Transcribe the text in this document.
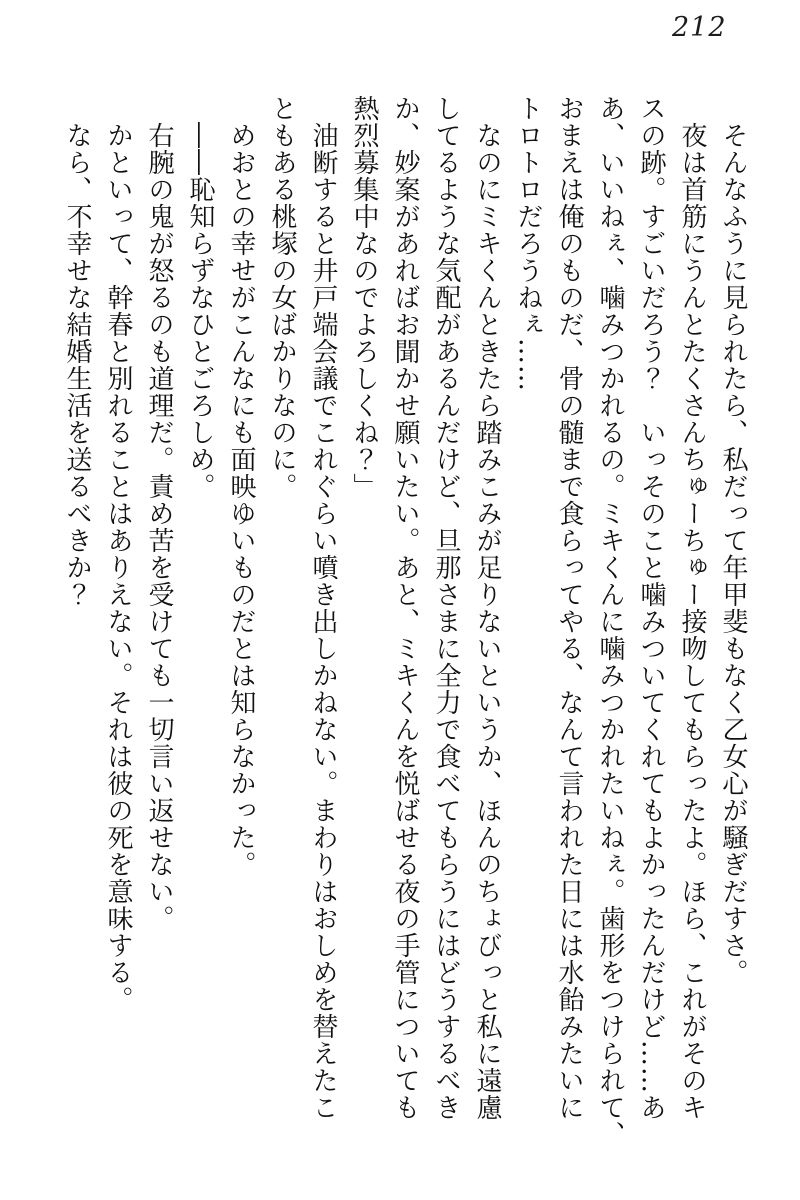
212
そんなふうに見られたら、私だって年甲斐もなく乙女心が騒ぎだすさ。
夜は首筋にうんとたくさんちゅーちゅー接吻してもらったよ。ほら、これがそのキ
スの跡。すごいだろう？　いっそのこと噛みついてくれてもよかったんだけど……あ
あ、いいねぇ、噛みつかれるの。ミキくんに噛みつかれたいねぇ。歯形をつけられて、
おまえは俺のものだ、骨の髄まで食らってやる、なんて言われた日には水飴みたいに
トロトロだろうねぇ……
なのにミキくんときたら踏みこみが足りないというか、ほんのちょびっと私に遠慮
してるような気配があるんだけど、旦那さまに全力で食べてもらうにはどうするべき
か、妙案があればお聞かせ願いたい。あと、ミキくんを悦ばせる夜の手管についても
熱烈募集中なのでよろしくね？」
油断すると井戸端会議でこれぐらい噴き出しかねない。まわりはおしめを替えたこ
ともある桃塚の女ばかりなのに。
めおとの幸せがこんなにも面映ゆいものだとは知らなかった。
――恥知らずなひとごろしめ。
右腕の鬼が怒るのも道理だ。責め苦を受けても一切言い返せない。
かといって、幹春と別れることはありえない。それは彼の死を意味する。
なら、不幸せな結婚生活を送るべきか？
